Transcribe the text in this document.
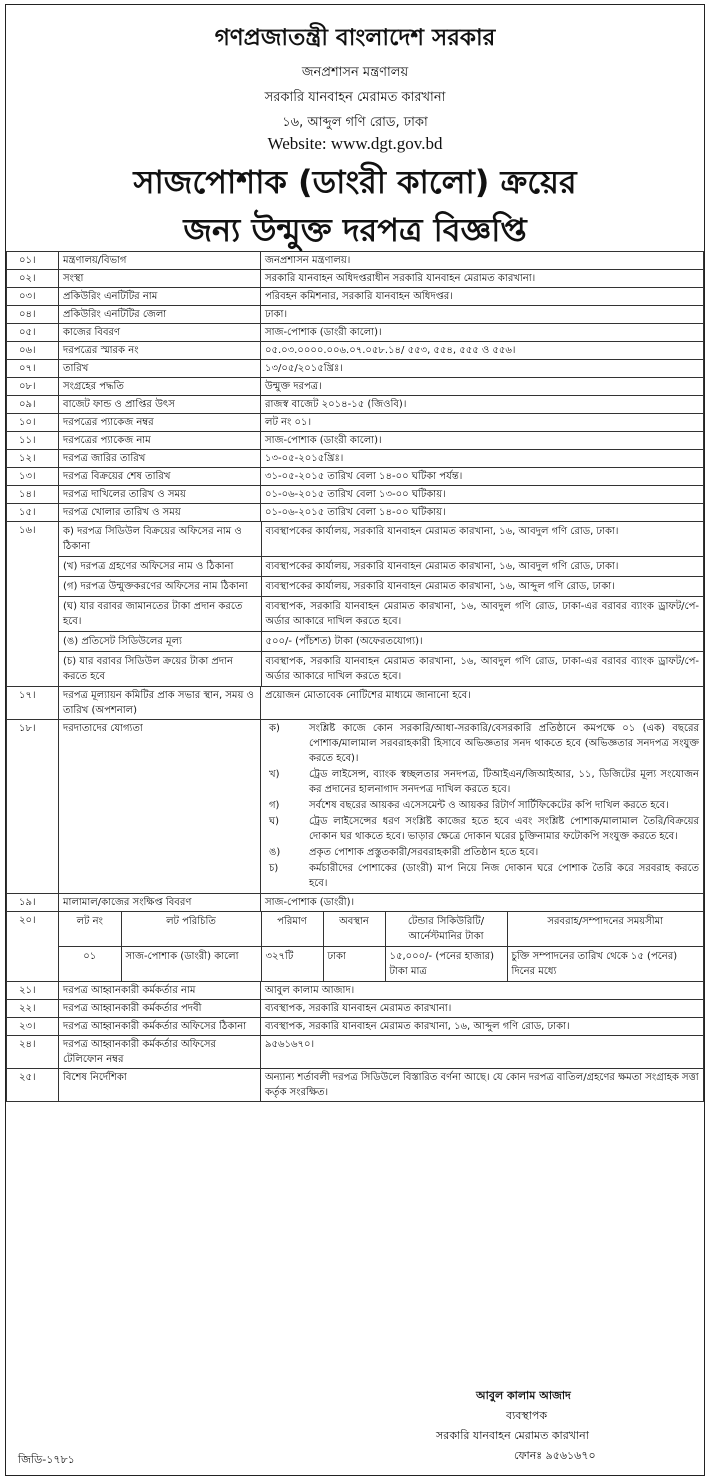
গণপ্রজাতন্ত্রী বাংলাদেশ সরকার
জনপ্রশাসন মন্ত্রণালয়
সরকারি যানবাহন মেরামত কারখানা
১৬, আব্দুল গণি রোড, ঢাকা
Website: www.dgt.gov.bd
সাজপোশাক (ডাংরী কালো) ক্রয়ের
জন্য উন্মুক্ত দরপত্র বিজ্ঞপ্তি
০১।	মন্ত্রণালয়/বিভাগ	জনপ্রশাসন মন্ত্রণালয়।
০২।	সংস্থা	সরকারি যানবাহন অধিদপ্তরাধীন সরকারি যানবাহন মেরামত কারখানা।
০৩।	প্রকিউরিং এনটিটির নাম	পরিবহন কমিশনার, সরকারি যানবাহন অধিদপ্তর।
০৪।	প্রকিউরিং এনটিটির জেলা	ঢাকা।
০৫।	কাজের বিবরণ	সাজ-পোশাক (ডাংরী কালো)।
০৬।	দরপত্রের স্মারক নং	০৫.০৩.০০০০.০০৬.০৭.০৫৮.১৪/ ৫৫৩, ৫৫৪, ৫৫৫ ও ৫৫৬।
০৭।	তারিখ	১৩/০৫/২০১৫খ্রিঃ।
০৮।	সংগ্রহের পদ্ধতি	উন্মুক্ত দরপত্র।
০৯।	বাজেট ফান্ড ও প্রাপ্তির উৎস	রাজস্ব বাজেট ২০১৪-১৫ (জিওবি)।
১০।	দরপত্রের প্যাকেজ নম্বর	লট নং ০১।
১১।	দরপত্রের প্যাকেজ নাম	সাজ-পোশাক (ডাংরী কালো)।
১২।	দরপত্র জারির তারিখ	১৩-০৫-২০১৫খ্রিঃ।
১৩।	দরপত্র বিক্রয়ের শেষ তারিখ	৩১-০৫-২০১৫ তারিখ বেলা ১৪-০০ ঘটিকা পর্যন্ত।
১৪।	দরপত্র দাখিলের তারিখ ও সময়	০১-০৬-২০১৫ তারিখ বেলা ১৩-০০ ঘটিকায়।
১৫।	দরপত্র খোলার তারিখ ও সময়	০১-০৬-২০১৫ তারিখ বেলা ১৪-০০ ঘটিকায়।
১৬।		ক) দরপত্র সিডিউল বিক্রয়ের অফিসের নাম ও ঠিকানা	ব্যবস্থাপকের কার্যালয়, সরকারি যানবাহন মেরামত কারখানা, ১৬, আবদুল গণি রোড, ঢাকা।
(খ) দরপত্র গ্রহণের অফিসের নাম ও ঠিকানা	ব্যবস্থাপকের কার্যালয়, সরকারি যানবাহন মেরামত কারখানা, ১৬, আবদুল গণি রোড, ঢাকা।
(গ) দরপত্র উন্মুক্তকরণের অফিসের নাম ঠিকানা	ব্যবস্থাপকের কার্যালয়, সরকারি যানবাহন মেরামত কারখানা, ১৬, আব্দুল গণি রোড, ঢাকা।
(ঘ) যার বরাবর জামানতের টাকা প্রদান করতে হবে।	ব্যবস্থাপক, সরকারি যানবাহন মেরামত কারখানা, ১৬, আবদুল গণি রোড, ঢাকা-এর বরাবর ব্যাংক ড্রাফট/পে-অর্ডার আকারে দাখিল করতে হবে।
(ঙ) প্রতিসেট সিডিউলের মূল্য	৫০০/- (পাঁচশত) টাকা (অফেরতযোগ্য)।
(চ) যার বরাবর সিডিউল ক্রয়ের টাকা প্রদান করতে হবে	ব্যবস্থাপক, সরকারি যানবাহন মেরামত কারখানা, ১৬, আবদুল গণি রোড, ঢাকা-এর বরাবর ব্যাংক ড্রাফট/পে-অর্ডার আকারে দাখিল করতে হবে।

১৭।	দরপত্র মূল্যায়ন কমিটির প্রাক সভার স্থান, সময় ও তারিখ (অপশনাল)	প্রয়োজন মোতাবেক নোটিশের মাধ্যমে জানানো হবে।
১৮।	দরদাতাদের যোগ্যতা	ক)	সংশ্লিষ্ট কাজে কোন সরকারি/আধা-সরকারি/বেসরকারি প্রতিষ্ঠানে কমপক্ষে ০১ (এক) বছরের পোশাক/মালামাল সরবরাহকারী হিসাবে অভিজ্ঞতার সনদ থাকতে হবে (অভিজ্ঞতার সনদপত্র সংযুক্ত করতে হবে)।
খ)	ট্রেড লাইসেন্স, ব্যাংক স্বচ্ছলতার সনদপত্র, টিআইএন/জিআইআর, ১১, ডিজিটের মূল্য সংযোজন কর প্রদানের হালনাগাদ সনদপত্র দাখিল করতে হবে।
গ)	সর্বশেষ বছরের আয়কর এসেসমেন্ট ও আয়কর রিটার্ণ সার্টিফিকেটের কপি দাখিল করতে হবে।
ঘ)	ট্রেড লাইসেন্সের ধরণ সংশ্লিষ্ট কাজের হতে হবে এবং সংশ্লিষ্ট পোশাক/মালামাল তৈরি/বিক্রয়ের দোকান ঘর থাকতে হবে। ভাড়ার ক্ষেত্রে দোকান ঘরের চুক্তিনামার ফটোকপি সংযুক্ত করতে হবে।
ঙ)	প্রকৃত পোশাক প্রস্তুতকারী/সরবরাহকারী প্রতিষ্ঠান হতে হবে।
চ)	কর্মচারীদের পোশাকের (ডাংরী) মাপ নিয়ে নিজ দোকান ঘরে পোশাক তৈরি করে সরবরাহ করতে হবে।

১৯।	মালামাল/কাজের সংক্ষিপ্ত বিবরণ	সাজ-পোশাক (ডাংরী)।
২০।		লট নং	লট পরিচিতি	পরিমাণ	অবস্থান	টেন্ডার সিকিউরিটি/ আর্নেস্টমানির টাকা	সরবরাহ/সম্পাদনের সময়সীমা
০১	সাজ-পোশাক (ডাংরী) কালো	৩২৭টি	ঢাকা	১৫,০০০/- (পনের হাজার) টাকা মাত্র	চুক্তি সম্পাদনের তারিখ থেকে ১৫ (পনের) দিনের মধ্যে

২১।	দরপত্র আহ্বানকারী কর্মকর্তার নাম	আবুল কালাম আজাদ।
২২।	দরপত্র আহ্বানকারী কর্মকর্তার পদবী	ব্যবস্থাপক, সরকারি যানবাহন মেরামত কারখানা।
২৩।	দরপত্র আহ্বানকারী কর্মকর্তার অফিসের ঠিকানা	ব্যবস্থাপক, সরকারি যানবাহন মেরামত কারখানা, ১৬, আব্দুল গণি রোড, ঢাকা।
২৪।	দরপত্র আহ্বানকারী কর্মকর্তার অফিসের টেলিফোন নম্বর	৯৫৬১৬৭০।
২৫।	বিশেষ নির্দেশিকা	অন্যান্য শর্তাবলী দরপত্র সিডিউলে বিস্তারিত বর্ণনা আছে। যে কোন দরপত্র বাতিল/গ্রহণের ক্ষমতা সংগ্রাহক সত্তা কর্তৃক সংরক্ষিত।
আবুল কালাম আজাদ
ব্যবস্থাপক
সরকারি যানবাহন মেরামত কারখানা
ফোনঃ ৯৫৬১৬৭০
জিডি-১৭৮১
